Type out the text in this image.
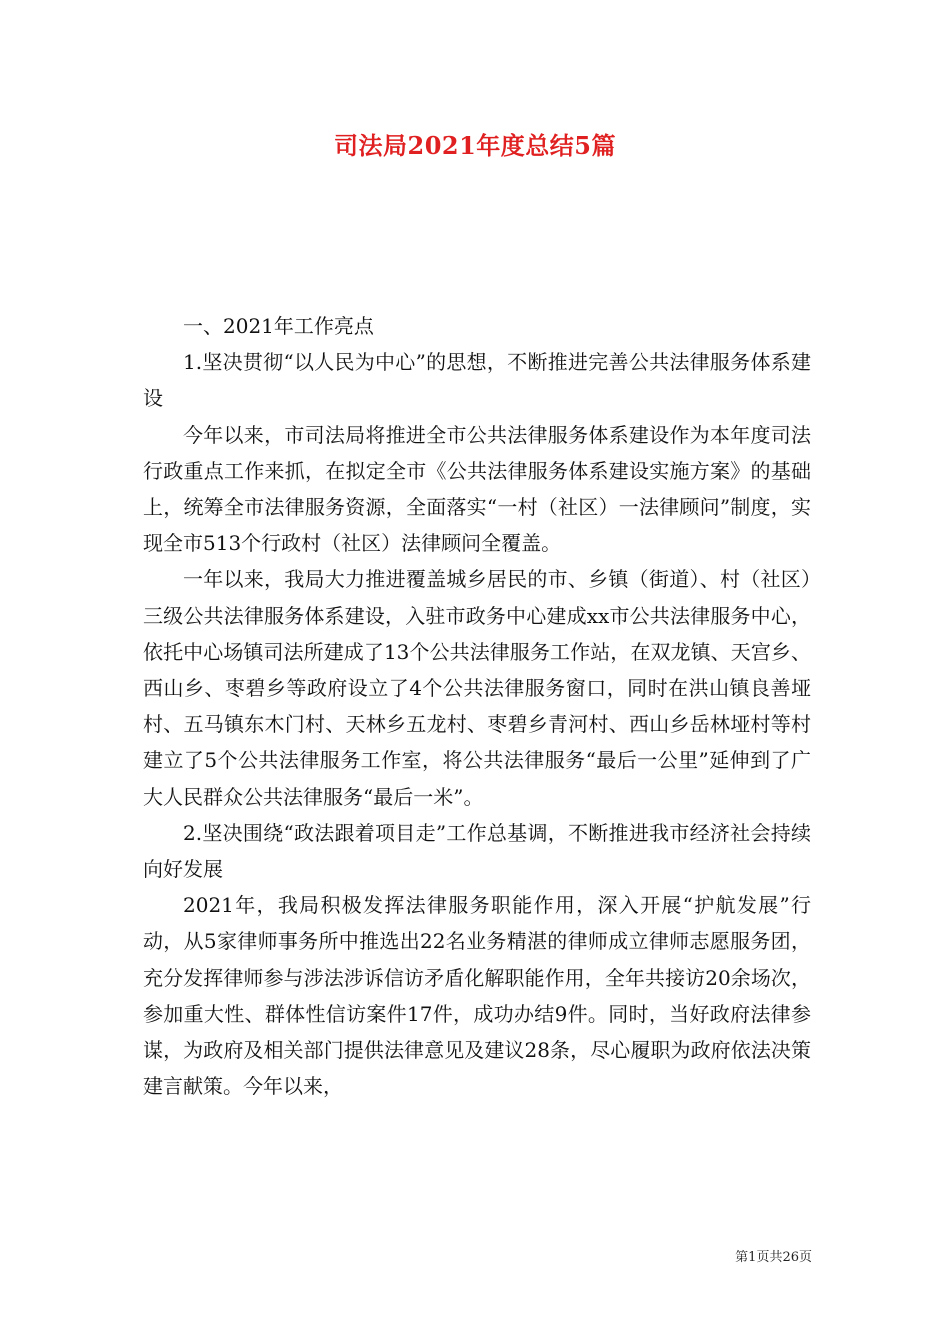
司法局2021年度总结5篇

一、2021年工作亮点

1.坚决贯彻“以人民为中心”的思想，不断推进完善公共法律服务体系建设

今年以来，市司法局将推进全市公共法律服务体系建设作为本年度司法行政重点工作来抓，在拟定全市《公共法律服务体系建设实施方案》的基础上，统筹全市法律服务资源，全面落实“一村（社区）一法律顾问”制度，实现全市513个行政村（社区）法律顾问全覆盖。

一年以来，我局大力推进覆盖城乡居民的市、乡镇（街道）、村（社区）三级公共法律服务体系建设，入驻市政务中心建成xx市公共法律服务中心，依托中心场镇司法所建成了13个公共法律服务工作站，在双龙镇、天宫乡、西山乡、枣碧乡等政府设立了4个公共法律服务窗口，同时在洪山镇良善垭村、五马镇东木门村、天林乡五龙村、枣碧乡青河村、西山乡岳林垭村等村建立了5个公共法律服务工作室，将公共法律服务“最后一公里”延伸到了广大人民群众公共法律服务“最后一米”。

2.坚决围绕“政法跟着项目走”工作总基调，不断推进我市经济社会持续向好发展

2021年，我局积极发挥法律服务职能作用，深入开展“护航发展”行动，从5家律师事务所中推选出22名业务精湛的律师成立律师志愿服务团，充分发挥律师参与涉法涉诉信访矛盾化解职能作用，全年共接访20余场次，参加重大性、群体性信访案件17件，成功办结9件。同时，当好政府法律参谋，为政府及相关部门提供法律意见及建议28条，尽心履职为政府依法决策建言献策。今年以来，

第1页共26页
